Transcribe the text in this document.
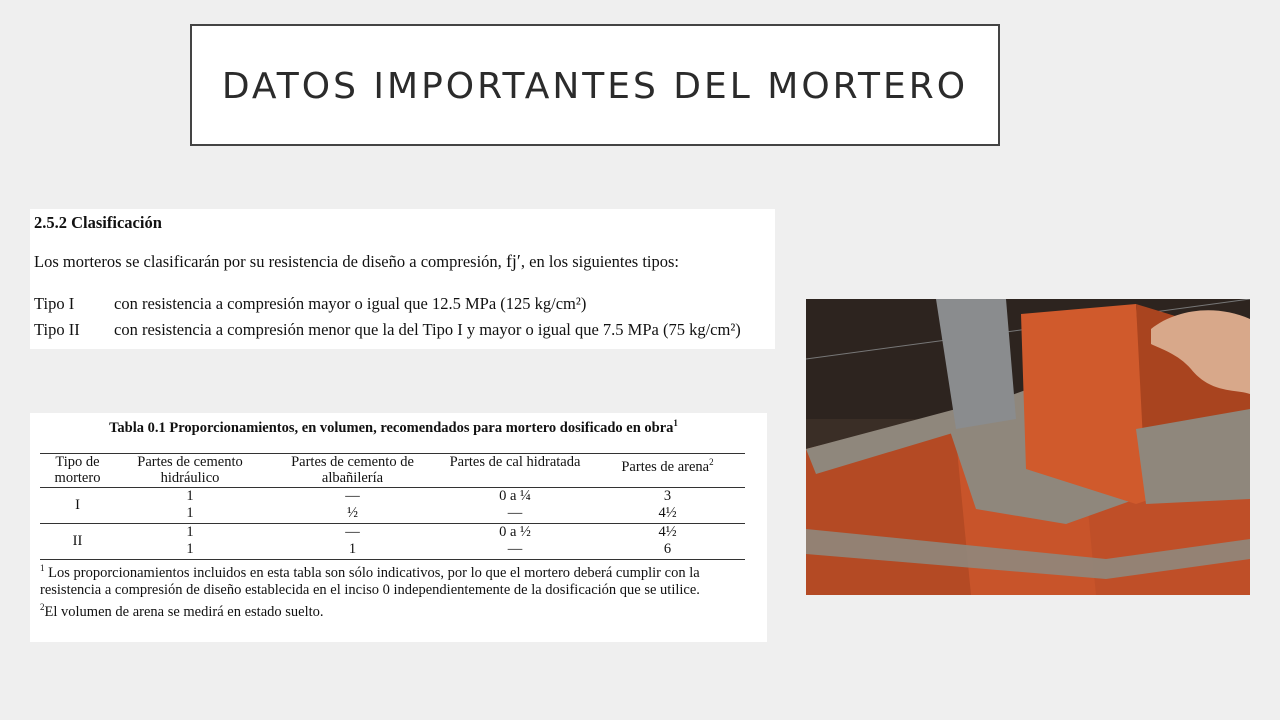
DATOS IMPORTANTES DEL MORTERO

2.5.2 Clasificación

Los morteros se clasificarán por su resistencia de diseño a compresión, fj′, en los siguientes tipos:

Tipo I	con resistencia a compresión mayor o igual que 12.5 MPa (125 kg/cm²)
Tipo II	con resistencia a compresión menor que la del Tipo I y mayor o igual que 7.5 MPa (75 kg/cm²)

Tabla 0.1 Proporcionamientos, en volumen, recomendados para mortero dosificado en obra$^1$

Tipo de mortero	Partes de cemento hidráulico	Partes de cemento de albañilería	Partes de cal hidratada	Partes de arena$^2$
I	1	—	0 a ¼	3
	1	½	—	4½
II	1	—	0 a ½	4½
	1	1	—	6

$^1$ Los proporcionamientos incluidos en esta tabla son sólo indicativos, por lo que el mortero deberá cumplir con la resistencia a compresión de diseño establecida en el inciso 0 independientemente de la dosificación que se utilice.

$^2$El volumen de arena se medirá en estado suelto.
